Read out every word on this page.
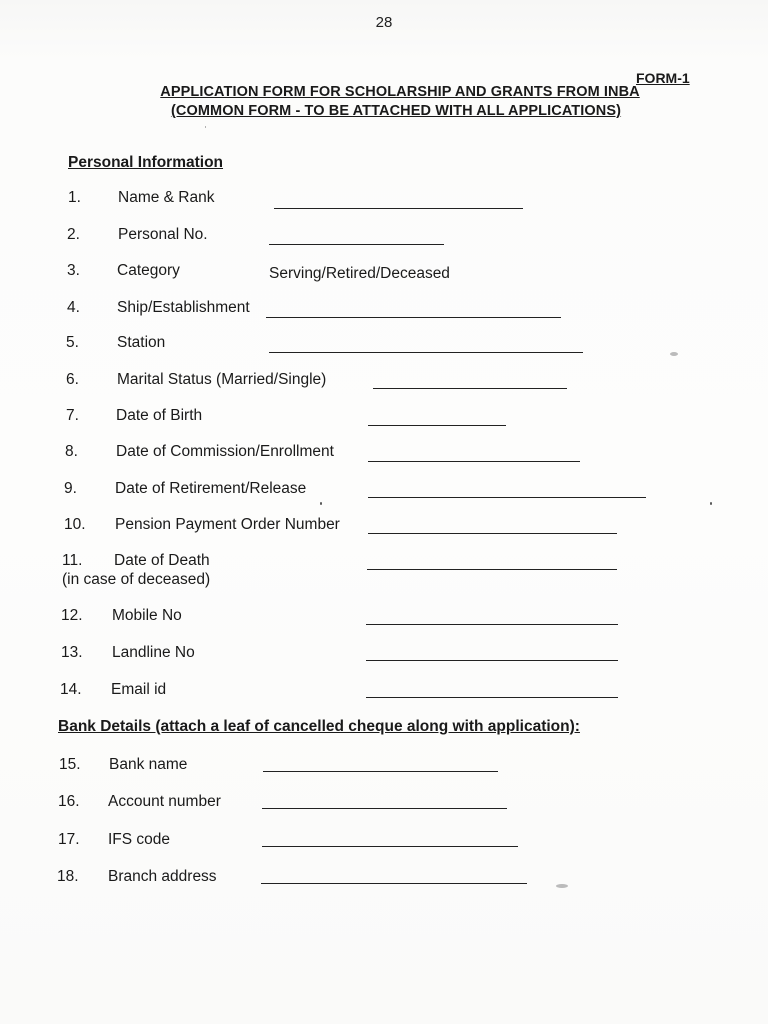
28
FORM-1
APPLICATION FORM FOR SCHOLARSHIP AND GRANTS FROM INBA
(COMMON FORM - TO BE ATTACHED WITH ALL APPLICATIONS)
Personal Information
1. Name & Rank
2. Personal No.
3. Category	Serving/Retired/Deceased
4. Ship/Establishment
5. Station
6. Marital Status (Married/Single)
7. Date of Birth
8. Date of Commission/Enrollment
9. Date of Retirement/Release
10. Pension Payment Order Number
11. Date of Death
(in case of deceased)
12. Mobile No
13. Landline No
14. Email id
Bank Details (attach a leaf of cancelled cheque along with application):
15. Bank name
16. Account number
17. IFS code
18. Branch address
